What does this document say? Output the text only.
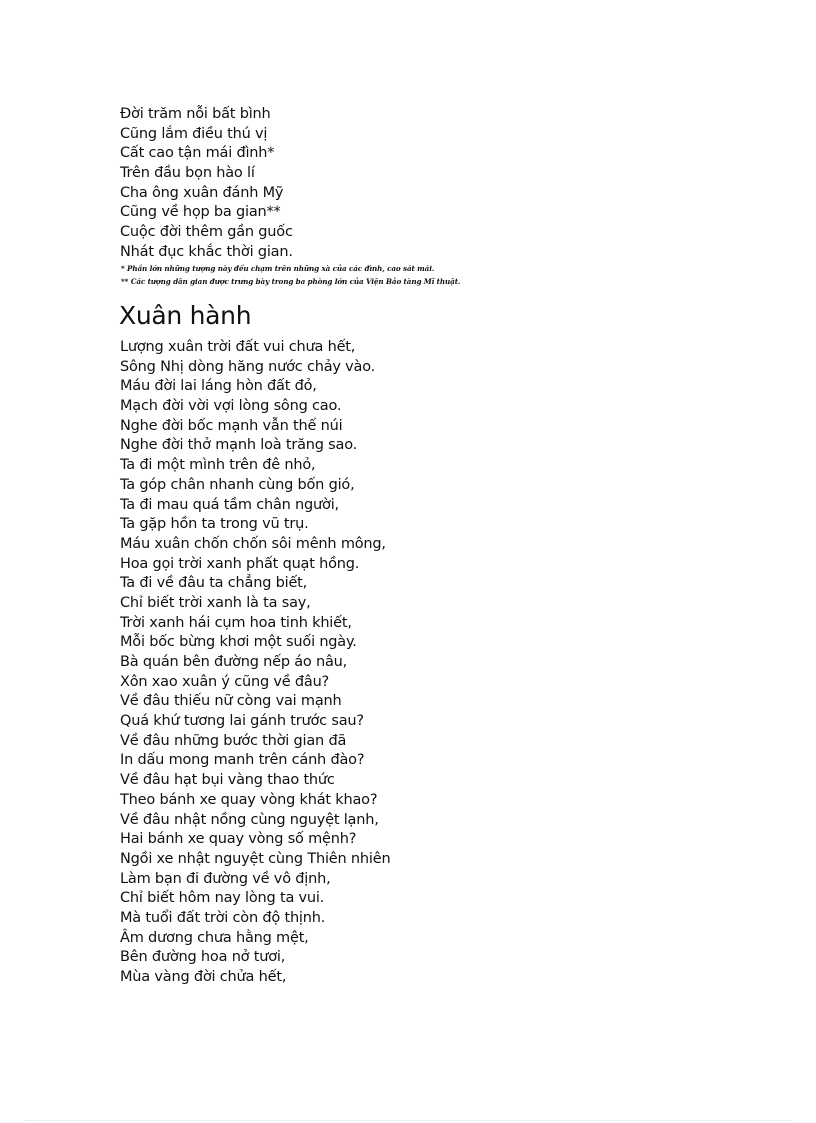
Đời trăm nỗi bất bình
Cũng lắm điều thú vị
Cất cao tận mái đình*
Trên đầu bọn hào lí
Cha ông xuân đánh Mỹ
Cũng về họp ba gian**
Cuộc đời thêm gần guốc
Nhát đục khắc thời gian.
* Phần lớn những tượng này đều chạm trên những xà của các đình, cao sát mái.
** Các tượng dân gian được trưng bày trong ba phòng lớn của Viện Bảo tàng Mĩ thuật.
Xuân hành
Lượng xuân trời đất vui chưa hết,
Sông Nhị dòng hăng nước chảy vào.
Máu đời lai láng hòn đất đỏ,
Mạch đời vời vợi lòng sông cao.
Nghe đời bốc mạnh vẫn thế núi
Nghe đời thở mạnh loà trăng sao.
Ta đi một mình trên đê nhỏ,
Ta góp chân nhanh cùng bốn gió,
Ta đi mau quá tầm chân người,
Ta gặp hồn ta trong vũ trụ.
Máu xuân chốn chốn sôi mênh mông,
Hoa gọi trời xanh phất quạt hồng.
Ta đi về đâu ta chẳng biết,
Chỉ biết trời xanh là ta say,
Trời xanh hái cụm hoa tinh khiết,
Mỗi bốc bừng khơi một suối ngày.
Bà quán bên đường nếp áo nâu,
Xôn xao xuân ý cũng về đâu?
Về đâu thiếu nữ còng vai mạnh
Quá khứ tương lai gánh trước sau?
Về đâu những bước thời gian đã
In dấu mong manh trên cánh đào?
Về đâu hạt bụi vàng thao thức
Theo bánh xe quay vòng khát khao?
Về đâu nhật nồng cùng nguyệt lạnh,
Hai bánh xe quay vòng số mệnh?
Ngồi xe nhật nguyệt cùng Thiên nhiên
Làm bạn đi đường về vô định,
Chỉ biết hôm nay lòng ta vui.
Mà tuổi đất trời còn độ thịnh.
Âm dương chưa hằng mệt,
Bên đường hoa nở tươi,
Mùa vàng đời chửa hết,
